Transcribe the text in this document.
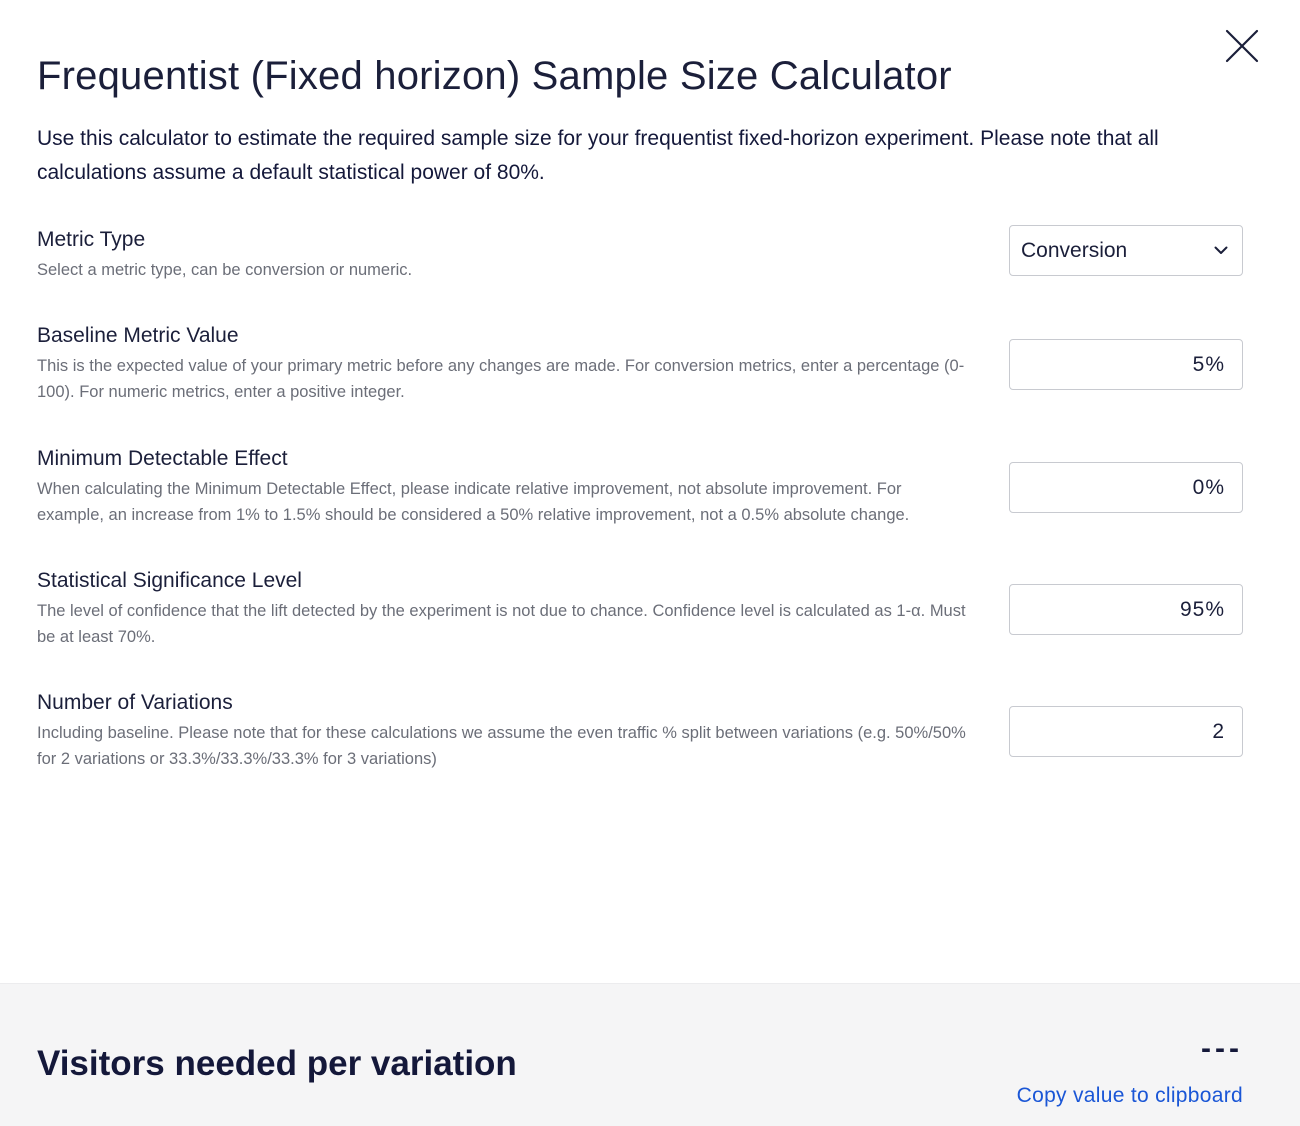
Frequentist (Fixed horizon) Sample Size Calculator

Use this calculator to estimate the required sample size for your frequentist fixed-horizon experiment. Please note that all calculations assume a default statistical power of 80%.

Metric Type
Select a metric type, can be conversion or numeric.
Conversion
Baseline Metric Value
This is the expected value of your primary metric before any changes are made. For conversion metrics, enter a percentage (0-100). For numeric metrics, enter a positive integer.
5%
Minimum Detectable Effect
When calculating the Minimum Detectable Effect, please indicate relative improvement, not absolute improvement. For example, an increase from 1% to 1.5% should be considered a 50% relative improvement, not a 0.5% absolute change.
0%
Statistical Significance Level
The level of confidence that the lift detected by the experiment is not due to chance. Confidence level is calculated as 1-α. Must be at least 70%.
95%
Number of Variations
Including baseline. Please note that for these calculations we assume the even traffic % split between variations (e.g. 50%/50% for 2 variations or 33.3%/33.3%/33.3% for 3 variations)
2
Visitors needed per variation	---
Copy value to clipboard
